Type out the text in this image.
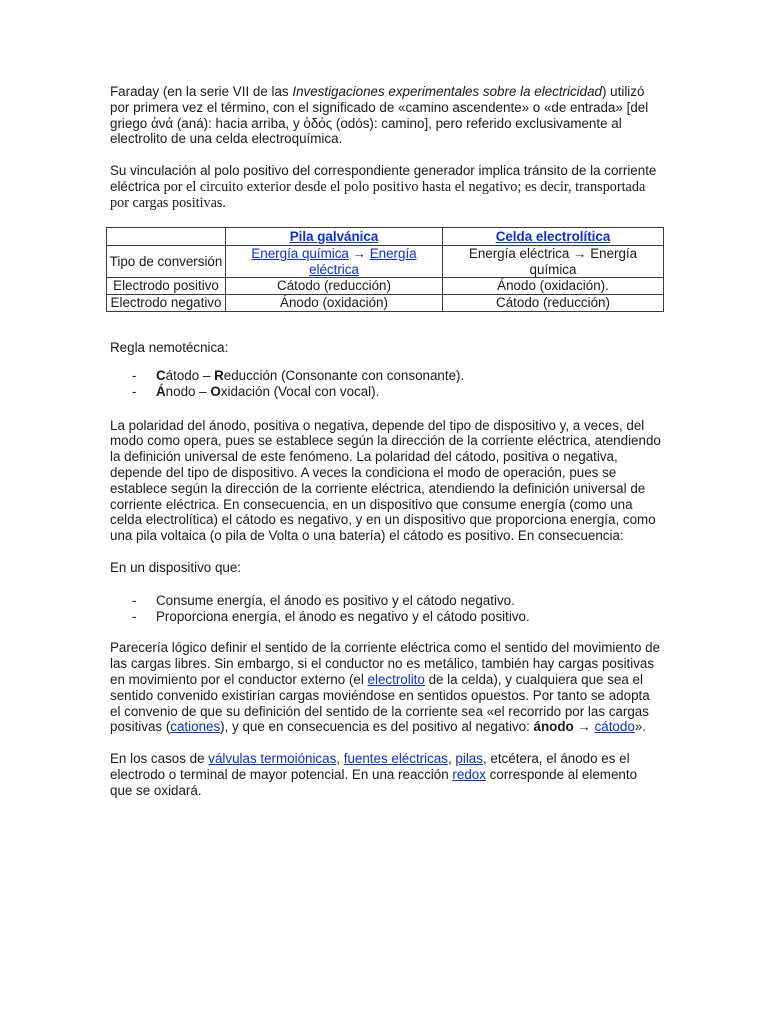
Faraday (en la serie VII de las Investigaciones experimentales sobre la electricidad) utilizó por primera vez el término, con el significado de «camino ascendente» o «de entrada» [del griego ἀνά (aná): hacia arriba, y ὁδός (odós): camino], pero referido exclusivamente al electrolito de una celda electroquímica.

Su vinculación al polo positivo del correspondiente generador implica tránsito de la corriente eléctrica por el circuito exterior desde el polo positivo hasta el negativo; es decir, transportada por cargas positivas.

	Pila galvánica	Celda electrolítica
Tipo de conversión	Energía química → Energía eléctrica	Energía eléctrica → Energía química
Electrodo positivo	Cátodo (reducción)	Ánodo (oxidación).
Electrodo negativo	Ánodo (oxidación)	Cátodo (reducción)

Regla nemotécnica:

- Cátodo – Reducción (Consonante con consonante).
- Ánodo – Oxidación (Vocal con vocal).

La polaridad del ánodo, positiva o negativa, depende del tipo de dispositivo y, a veces, del modo como opera, pues se establece según la dirección de la corriente eléctrica, atendiendo la definición universal de este fenómeno. La polaridad del cátodo, positiva o negativa, depende del tipo de dispositivo. A veces la condiciona el modo de operación, pues se establece según la dirección de la corriente eléctrica, atendiendo la definición universal de corriente eléctrica. En consecuencia, en un dispositivo que consume energía (como una celda electrolítica) el cátodo es negativo, y en un dispositivo que proporciona energía, como una pila voltaica (o pila de Volta o una batería) el cátodo es positivo. En consecuencia:

En un dispositivo que:

- Consume energía, el ánodo es positivo y el cátodo negativo.
- Proporciona energía, el ánodo es negativo y el cátodo positivo.

Parecería lógico definir el sentido de la corriente eléctrica como el sentido del movimiento de las cargas libres. Sin embargo, si el conductor no es metálico, también hay cargas positivas en movimiento por el conductor externo (el electrolito de la celda), y cualquiera que sea el sentido convenido existirían cargas moviéndose en sentidos opuestos. Por tanto se adopta el convenio de que su definición del sentido de la corriente sea «el recorrido por las cargas positivas (cationes), y que en consecuencia es del positivo al negativo: ánodo → cátodo».

En los casos de válvulas termoiónicas, fuentes eléctricas, pilas, etcétera, el ánodo es el electrodo o terminal de mayor potencial. En una reacción redox corresponde al elemento que se oxidará.
